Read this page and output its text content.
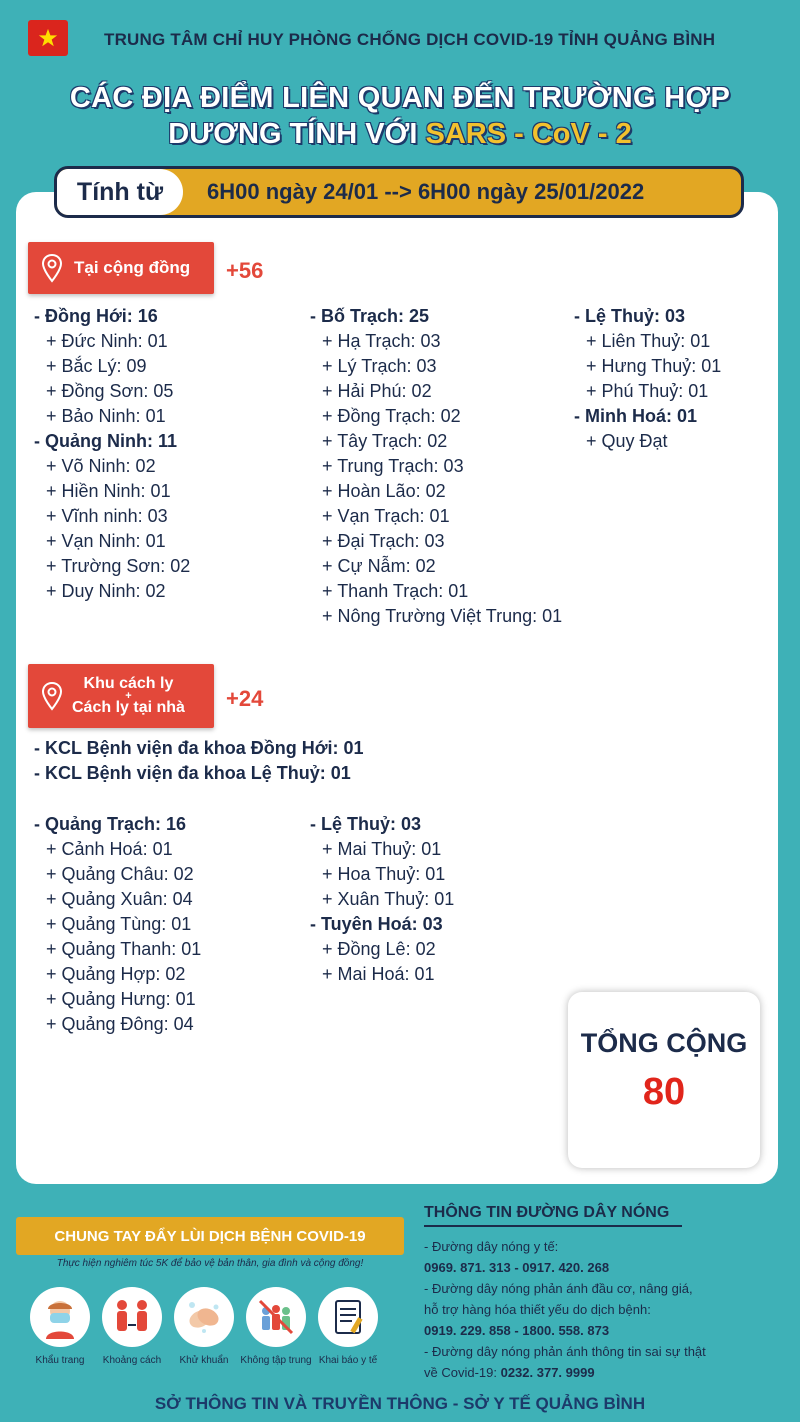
TRUNG TÂM CHỈ HUY PHÒNG CHỐNG DỊCH COVID-19 TỈNH QUẢNG BÌNH
CÁC ĐỊA ĐIỂM LIÊN QUAN ĐẾN TRƯỜNG HỢP
DƯƠNG TÍNH VỚI SARS - CoV - 2
Tính từ	6H00 ngày 24/01 --> 6H00 ngày 25/01/2022
Tại cộng đồng +56
- Đồng Hới: 16
+ Đức Ninh: 01
+ Bắc Lý: 09
+ Đồng Sơn: 05
+ Bảo Ninh: 01
- Quảng Ninh: 11
+ Võ Ninh: 02
+ Hiền Ninh: 01
+ Vĩnh ninh: 03
+ Vạn Ninh: 01
+ Trường Sơn: 02
+ Duy Ninh: 02
- Bố Trạch: 25
+ Hạ Trạch: 03
+ Lý Trạch: 03
+ Hải Phú: 02
+ Đồng Trạch: 02
+ Tây Trạch: 02
+ Trung Trạch: 03
+ Hoàn Lão: 02
+ Vạn Trạch: 01
+ Đại Trạch: 03
+ Cự Nẫm: 02
+ Thanh Trạch: 01
+ Nông Trường Việt Trung: 01
- Lệ Thuỷ: 03
+ Liên Thuỷ: 01
+ Hưng Thuỷ: 01
+ Phú Thuỷ: 01
- Minh Hoá: 01
+ Quy Đạt
Khu cách ly
+
Cách ly tại nhà +24
- KCL Bệnh viện đa khoa Đồng Hới: 01
- KCL Bệnh viện đa khoa Lệ Thuỷ: 01
- Quảng Trạch: 16
+ Cảnh Hoá: 01
+ Quảng Châu: 02
+ Quảng Xuân: 04
+ Quảng Tùng: 01
+ Quảng Thanh: 01
+ Quảng Hợp: 02
+ Quảng Hưng: 01
+ Quảng Đông: 04
- Lệ Thuỷ: 03
+ Mai Thuỷ: 01
+ Hoa Thuỷ: 01
+ Xuân Thuỷ: 01
- Tuyên Hoá: 03
+ Đồng Lê: 02
+ Mai Hoá: 01
TỔNG CỘNG
80
CHUNG TAY ĐẨY LÙI DỊCH BỆNH COVID-19
Thực hiện nghiêm túc 5K để bảo vệ bản thân, gia đình và cộng đồng!
Khẩu trang	Khoảng cách	Khử khuẩn	Không tập trung Khai báo y tế
THÔNG TIN ĐƯỜNG DÂY NÓNG
- Đường dây nóng y tế:
0969. 871. 313 - 0917. 420. 268
- Đường dây nóng phản ánh đầu cơ, nâng giá,
hỗ trợ hàng hóa thiết yếu do dịch bệnh:
0919. 229. 858 - 1800. 558. 873
- Đường dây nóng phản ánh thông tin sai sự thật
về Covid-19: 0232. 377. 9999
SỞ THÔNG TIN VÀ TRUYỀN THÔNG - SỞ Y TẾ QUẢNG BÌNH
